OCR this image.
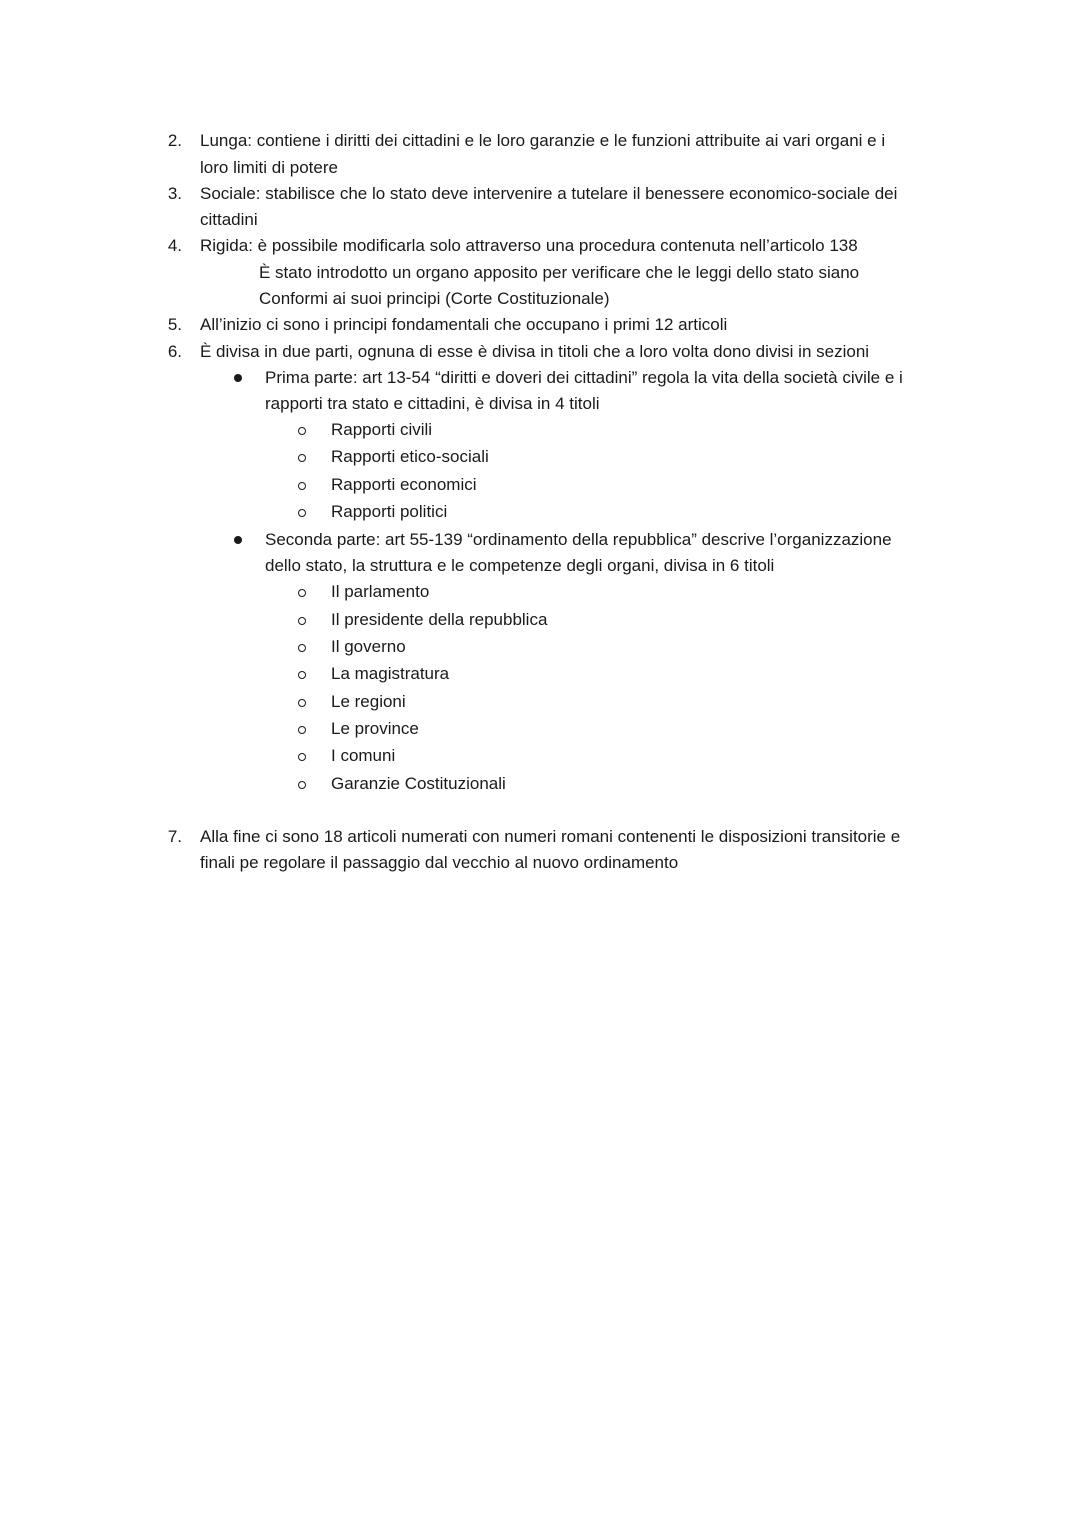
2. Lunga: contiene i diritti dei cittadini e le loro garanzie e le funzioni attribuite ai vari organi e i
loro limiti di potere
3. Sociale: stabilisce che lo stato deve intervenire a tutelare il benessere economico-sociale dei
cittadini
4. Rigida: è possibile modificarla solo attraverso una procedura contenuta nell’articolo 138
È stato introdotto un organo apposito per verificare che le leggi dello stato siano
Conformi ai suoi principi (Corte Costituzionale)
5. All’inizio ci sono i principi fondamentali che occupano i primi 12 articoli
6. È divisa in due parti, ognuna di esse è divisa in titoli che a loro volta dono divisi in sezioni
Prima parte: art 13-54 “diritti e doveri dei cittadini” regola la vita della società civile e i
rapporti tra stato e cittadini, è divisa in 4 titoli
Rapporti civili
Rapporti etico-sociali
Rapporti economici
Rapporti politici
Seconda parte: art 55-139 “ordinamento della repubblica” descrive l’organizzazione
dello stato, la struttura e le competenze degli organi, divisa in 6 titoli
Il parlamento
Il presidente della repubblica
Il governo
La magistratura
Le regioni
Le province
I comuni
Garanzie Costituzionali
7. Alla fine ci sono 18 articoli numerati con numeri romani contenenti le disposizioni transitorie e
finali pe regolare il passaggio dal vecchio al nuovo ordinamento
